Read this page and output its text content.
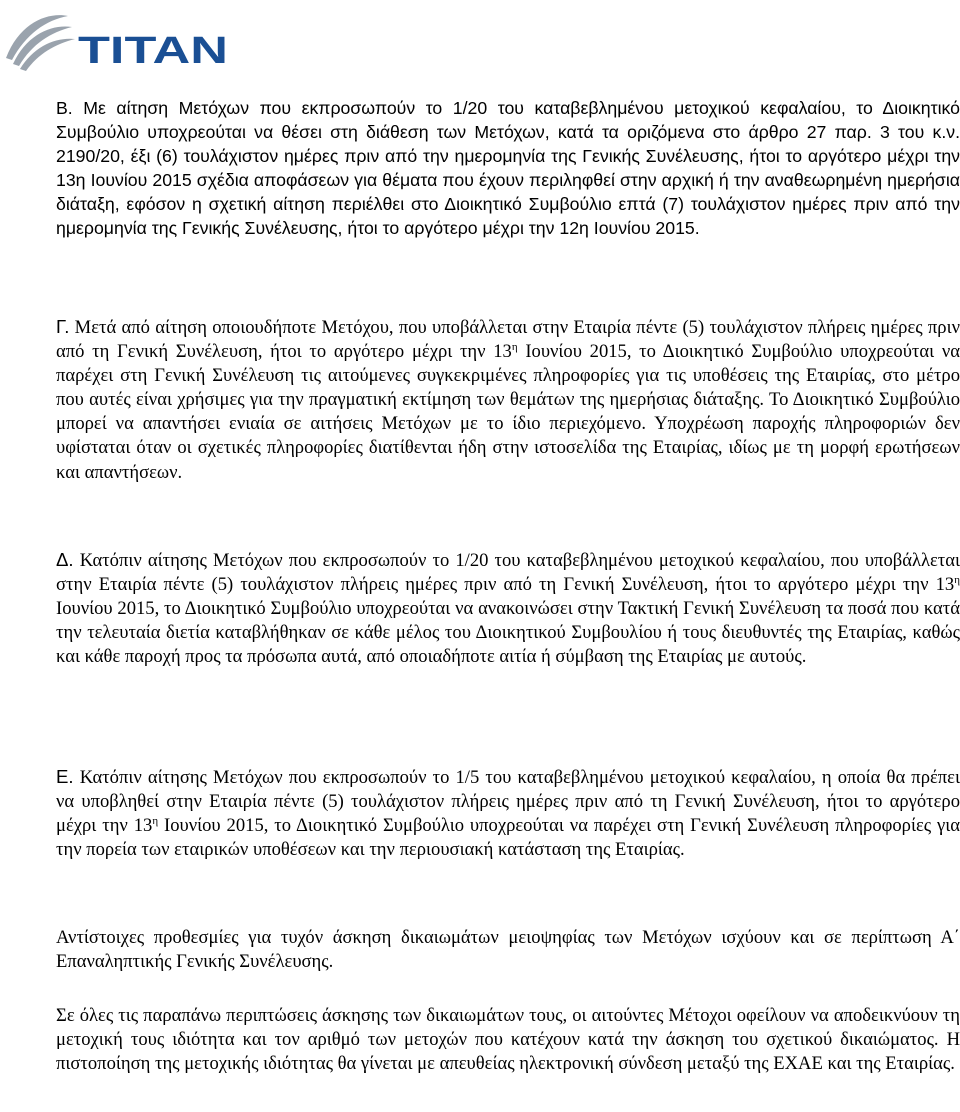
TITAN

Β. Με αίτηση Μετόχων που εκπροσωπούν το 1/20 του καταβεβλημένου μετοχικού κεφαλαίου, το Διοικητικό Συμβούλιο υποχρεούται να θέσει στη διάθεση των Μετόχων, κατά τα οριζόμενα στο άρθρο 27 παρ. 3 του κ.ν. 2190/20, έξι (6) τουλάχιστον ημέρες πριν από την ημερομηνία της Γενικής Συνέλευσης, ήτοι το αργότερο μέχρι την 13η Ιουνίου 2015 σχέδια αποφάσεων για θέματα που έχουν περιληφθεί στην αρχική ή την αναθεωρημένη ημερήσια διάταξη, εφόσον η σχετική αίτηση περιέλθει στο Διοικητικό Συμβούλιο επτά (7) τουλάχιστον ημέρες πριν από την ημερομηνία της Γενικής Συνέλευσης, ήτοι το αργότερο μέχρι την 12η Ιουνίου 2015.

Γ. Μετά από αίτηση οποιουδήποτε Μετόχου, που υποβάλλεται στην Εταιρία πέντε (5) τουλάχιστον πλήρεις ημέρες πριν από τη Γενική Συνέλευση, ήτοι το αργότερο μέχρι την $13^\eta$ Ιουνίου 2015, το Διοικητικό Συμβούλιο υποχρεούται να παρέχει στη Γενική Συνέλευση τις αιτούμενες συγκεκριμένες πληροφορίες για τις υποθέσεις της Εταιρίας, στο μέτρο που αυτές είναι χρήσιμες για την πραγματική εκτίμηση των θεμάτων της ημερήσιας διάταξης. Το Διοικητικό Συμβούλιο μπορεί να απαντήσει ενιαία σε αιτήσεις Μετόχων με το ίδιο περιεχόμενο. Υποχρέωση παροχής πληροφοριών δεν υφίσταται όταν οι σχετικές πληροφορίες διατίθενται ήδη στην ιστοσελίδα της Εταιρίας, ιδίως με τη μορφή ερωτήσεων και απαντήσεων.

Δ. Κατόπιν αίτησης Μετόχων που εκπροσωπούν το 1/20 του καταβεβλημένου μετοχικού κεφαλαίου, που υποβάλλεται στην Εταιρία πέντε (5) τουλάχιστον πλήρεις ημέρες πριν από τη Γενική Συνέλευση, ήτοι το αργότερο μέχρι την $13^\eta$ Ιουνίου 2015, το Διοικητικό Συμβούλιο υποχρεούται να ανακοινώσει στην Τακτική Γενική Συνέλευση τα ποσά που κατά την τελευταία διετία καταβλήθηκαν σε κάθε μέλος του Διοικητικού Συμβουλίου ή τους διευθυντές της Εταιρίας, καθώς και κάθε παροχή προς τα πρόσωπα αυτά, από οποιαδήποτε αιτία ή σύμβαση της Εταιρίας με αυτούς.

Ε. Κατόπιν αίτησης Μετόχων που εκπροσωπούν το 1/5 του καταβεβλημένου μετοχικού κεφαλαίου, η οποία θα πρέπει να υποβληθεί στην Εταιρία πέντε (5) τουλάχιστον πλήρεις ημέρες πριν από τη Γενική Συνέλευση, ήτοι το αργότερο μέχρι την $13^\eta$ Ιουνίου 2015, το Διοικητικό Συμβούλιο υποχρεούται να παρέχει στη Γενική Συνέλευση πληροφορίες για την πορεία των εταιρικών υποθέσεων και την περιουσιακή κατάσταση της Εταιρίας.

Αντίστοιχες προθεσμίες για τυχόν άσκηση δικαιωμάτων μειοψηφίας των Μετόχων ισχύουν και σε περίπτωση Α΄ Επαναληπτικής Γενικής Συνέλευσης.

Σε όλες τις παραπάνω περιπτώσεις άσκησης των δικαιωμάτων τους, οι αιτούντες Μέτοχοι οφείλουν να αποδεικνύουν τη μετοχική τους ιδιότητα και τον αριθμό των μετοχών που κατέχουν κατά την άσκηση του σχετικού δικαιώματος. Η πιστοποίηση της μετοχικής ιδιότητας θα γίνεται με απευθείας ηλεκτρονική σύνδεση μεταξύ της ΕΧΑΕ και της Εταιρίας.
